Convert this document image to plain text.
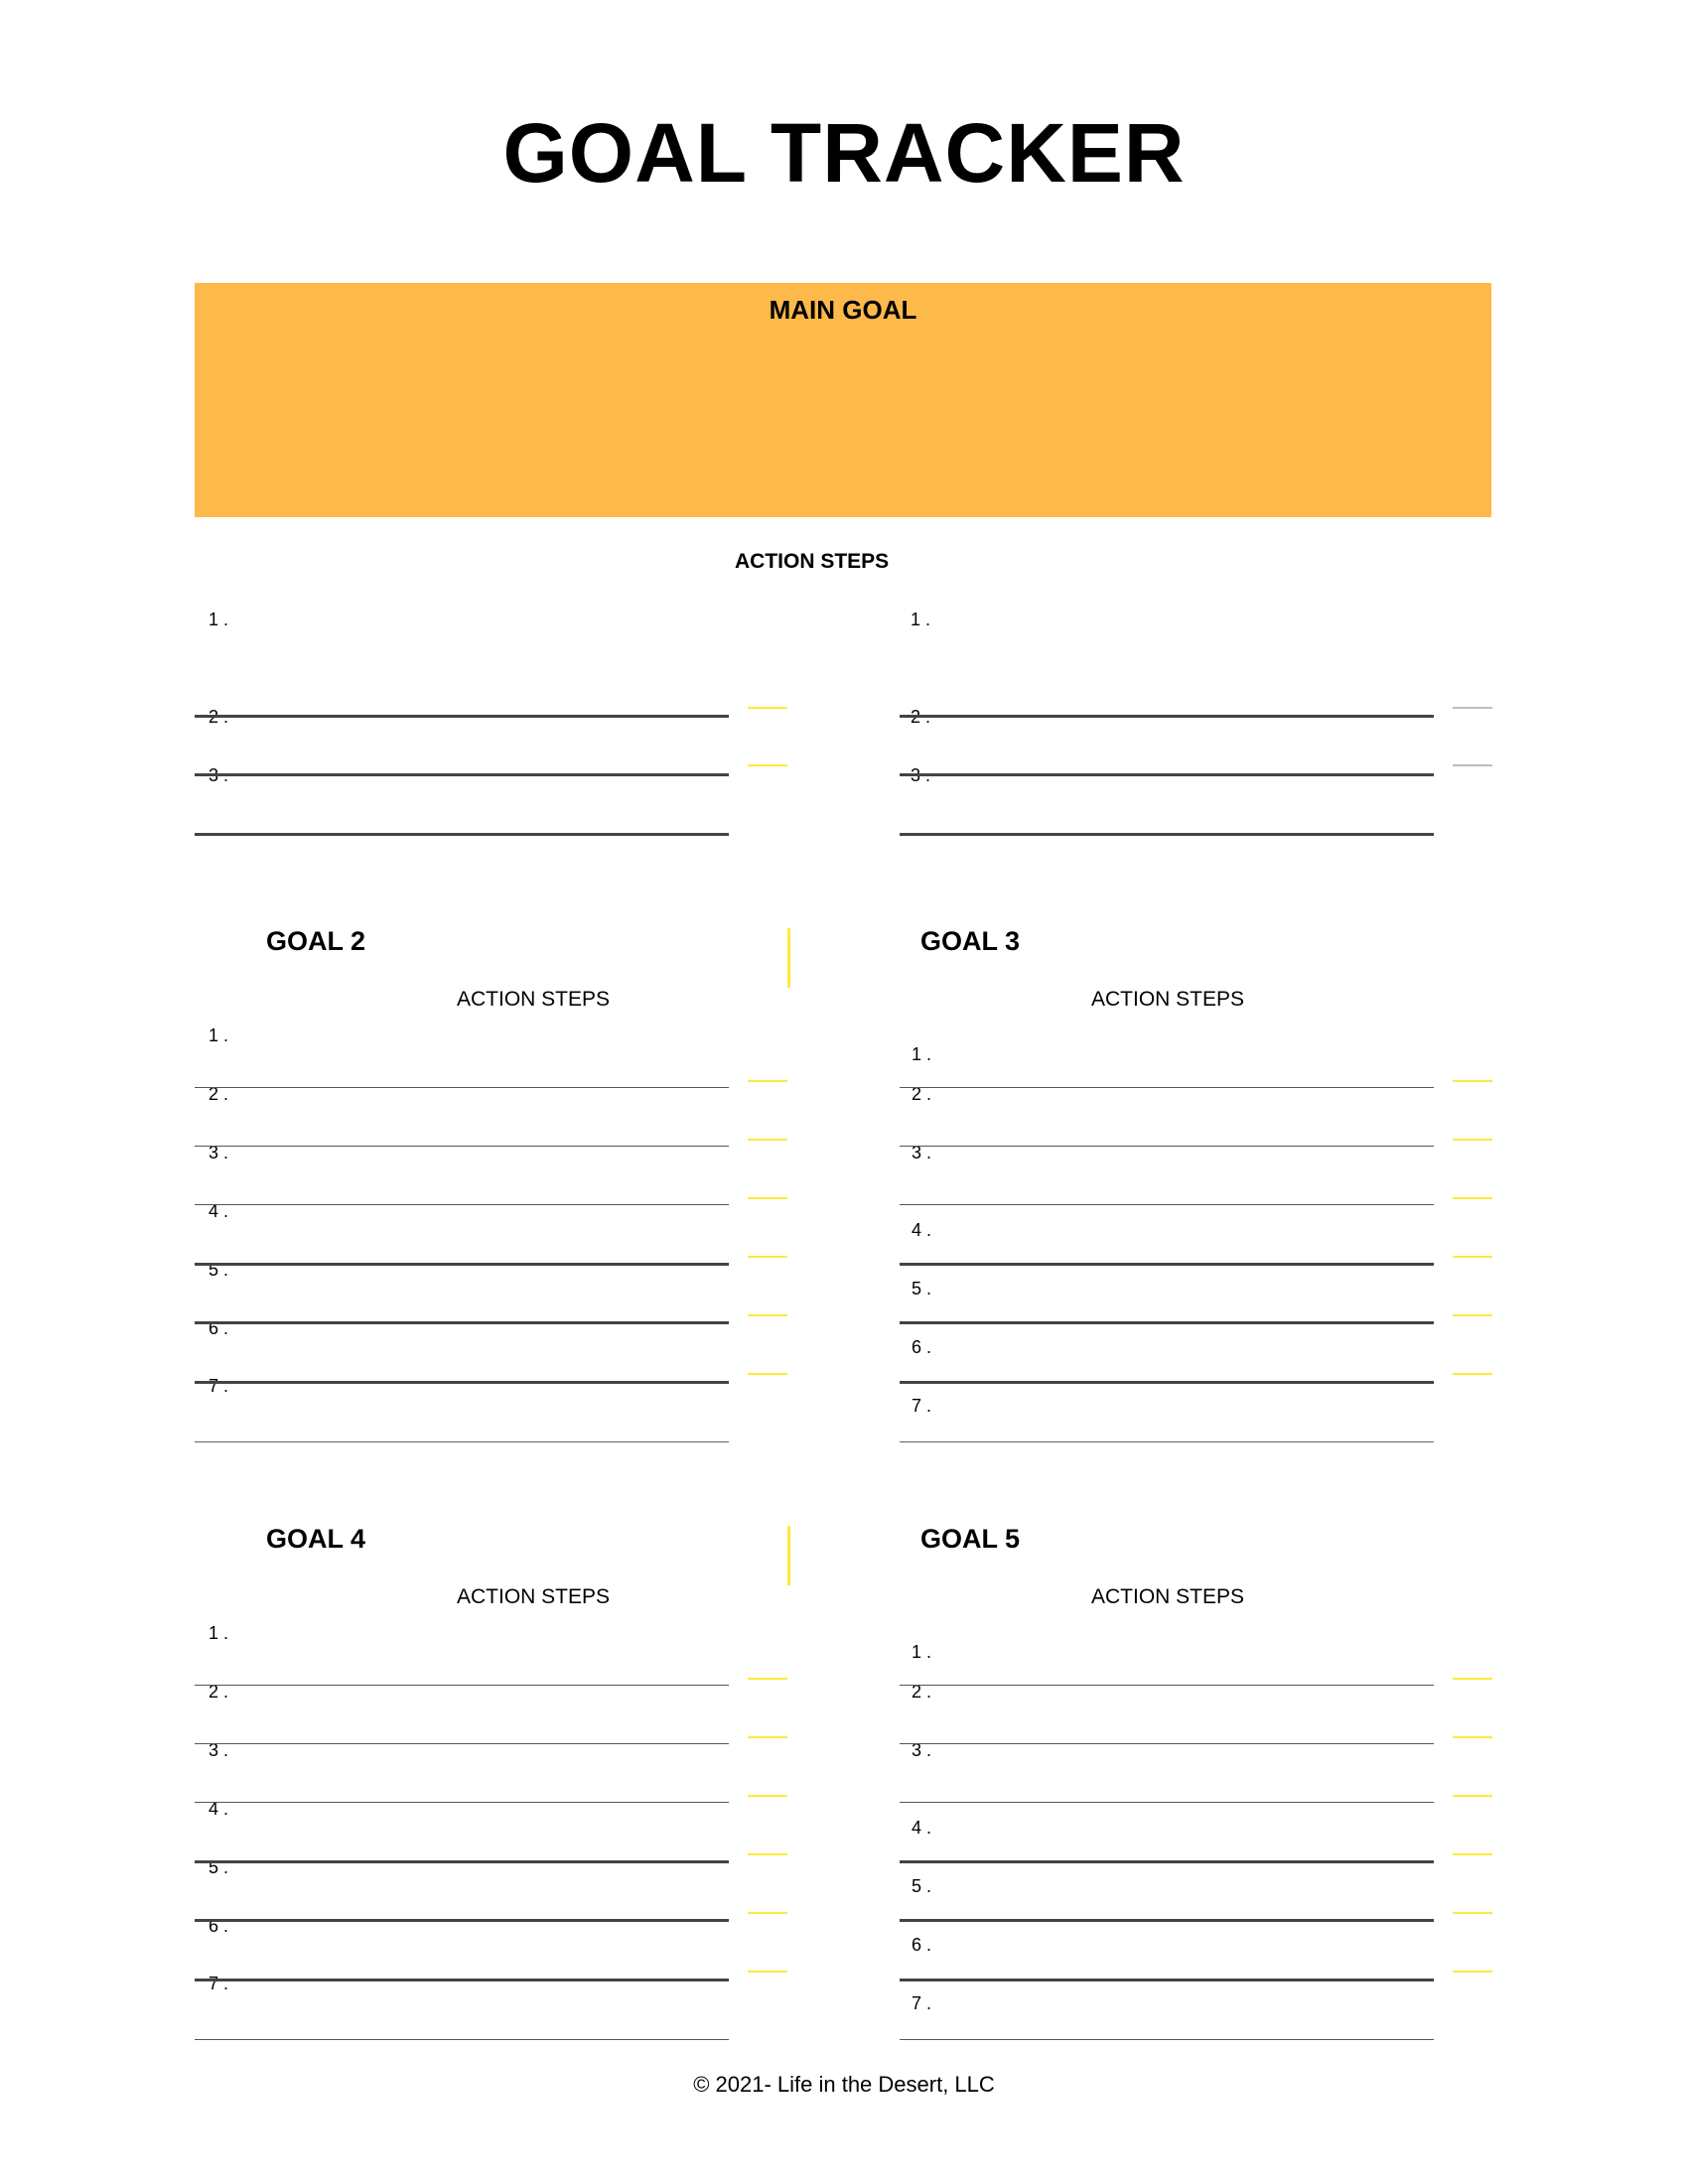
GOAL TRACKER
MAIN GOAL
ACTION STEPS
1 .
2 .
3 .
1 .
2 .
3 .
GOAL 2
ACTION STEPS
1 .
2 .
3 .
4 .
5 .
6 .
7 .
GOAL 3
ACTION STEPS
1 .
2 .
3 .
4 .
5 .
6 .
7 .
GOAL 4
ACTION STEPS
1 .
2 .
3 .
4 .
5 .
6 .
7 .
GOAL 5
ACTION STEPS
1 .
2 .
3 .
4 .
5 .
6 .
7 .
© 2021- Life in the Desert, LLC
